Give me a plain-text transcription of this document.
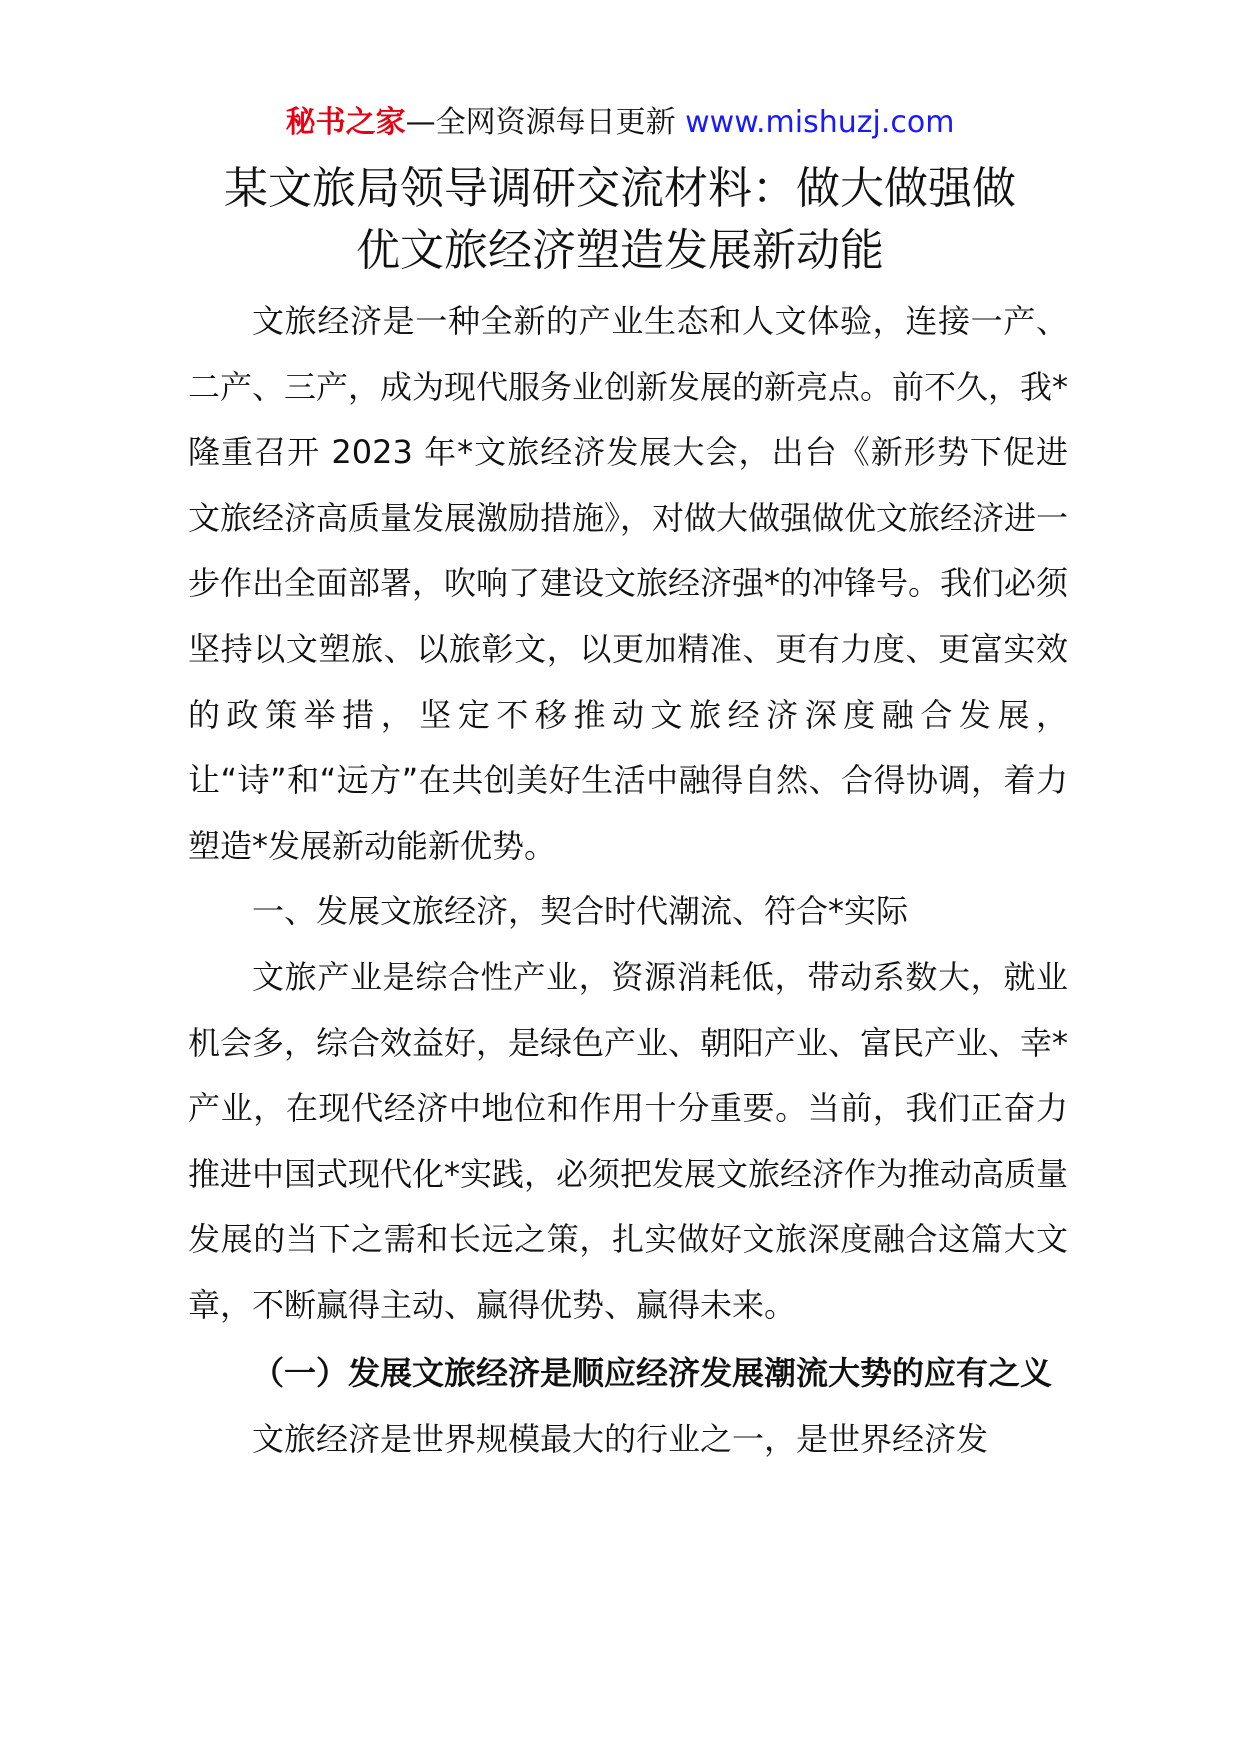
秘书之家—全网资源每日更新 www.mishuzj.com
某文旅局领导调研交流材料：做大做强做
优文旅经济塑造发展新动能

文旅经济是一种全新的产业生态和人文体验，连接一产、二产、三产，成为现代服务业创新发展的新亮点。前不久，我*隆重召开 2023 年*文旅经济发展大会，出台《新形势下促进文旅经济高质量发展激励措施》，对做大做强做优文旅经济进一步作出全面部署，吹响了建设文旅经济强*的冲锋号。我们必须坚持以文塑旅、以旅彰文，以更加精准、更有力度、更富实效的政策举措，坚定不移推动文旅经济深度融合发展，让“诗”和“远方”在共创美好生活中融得自然、合得协调，着力塑造*发展新动能新优势。

一、发展文旅经济，契合时代潮流、符合*实际

文旅产业是综合性产业，资源消耗低，带动系数大，就业机会多，综合效益好，是绿色产业、朝阳产业、富民产业、幸*产业，在现代经济中地位和作用十分重要。当前，我们正奋力推进中国式现代化*实践，必须把发展文旅经济作为推动高质量发展的当下之需和长远之策，扎实做好文旅深度融合这篇大文章，不断赢得主动、赢得优势、赢得未来。

（一）发展文旅经济是顺应经济发展潮流大势的应有之义

文旅经济是世界规模最大的行业之一，是世界经济发
